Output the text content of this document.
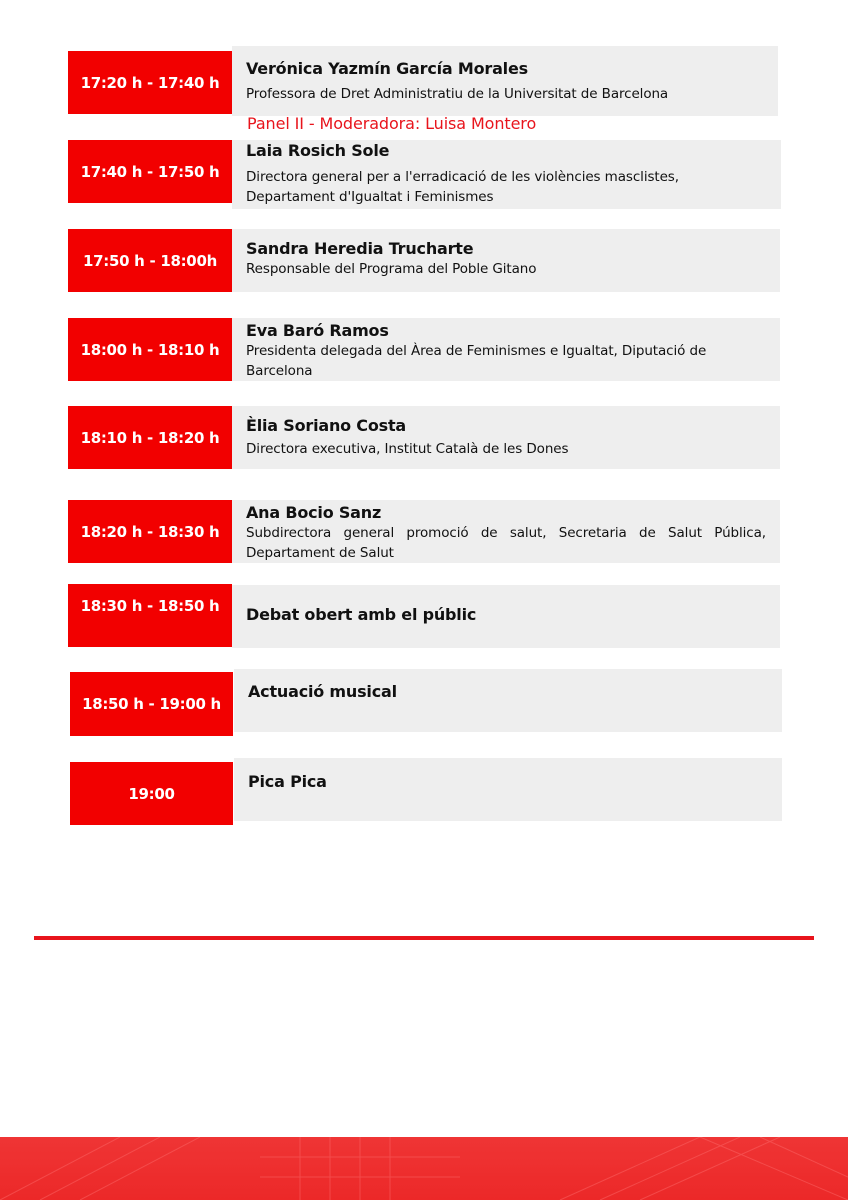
17:20 h - 17:40 h
Verónica Yazmín García Morales
Professora de Dret Administratiu de la Universitat de Barcelona
Panel II - Moderadora: Luisa Montero
17:40 h - 17:50 h
Laia Rosich Sole
Directora general per a l'erradicació de les violències masclistes,
Departament d'Igualtat i Feminismes
17:50 h - 18:00h
Sandra Heredia Trucharte
Responsable del Programa del Poble Gitano
18:00 h - 18:10 h
Eva Baró Ramos
Presidenta delegada del Àrea de Feminismes e Igualtat, Diputació de
Barcelona
18:10 h - 18:20 h
Èlia Soriano Costa
Directora executiva, Institut Català de les Dones
18:20 h - 18:30 h
Ana Bocio Sanz
Subdirectora general promoció de salut, Secretaria de Salut Pública,
Departament de Salut
18:30 h - 18:50 h	Debat obert amb el públic
18:50 h - 19:00 h
Actuació musical
19:00
Pica Pica
